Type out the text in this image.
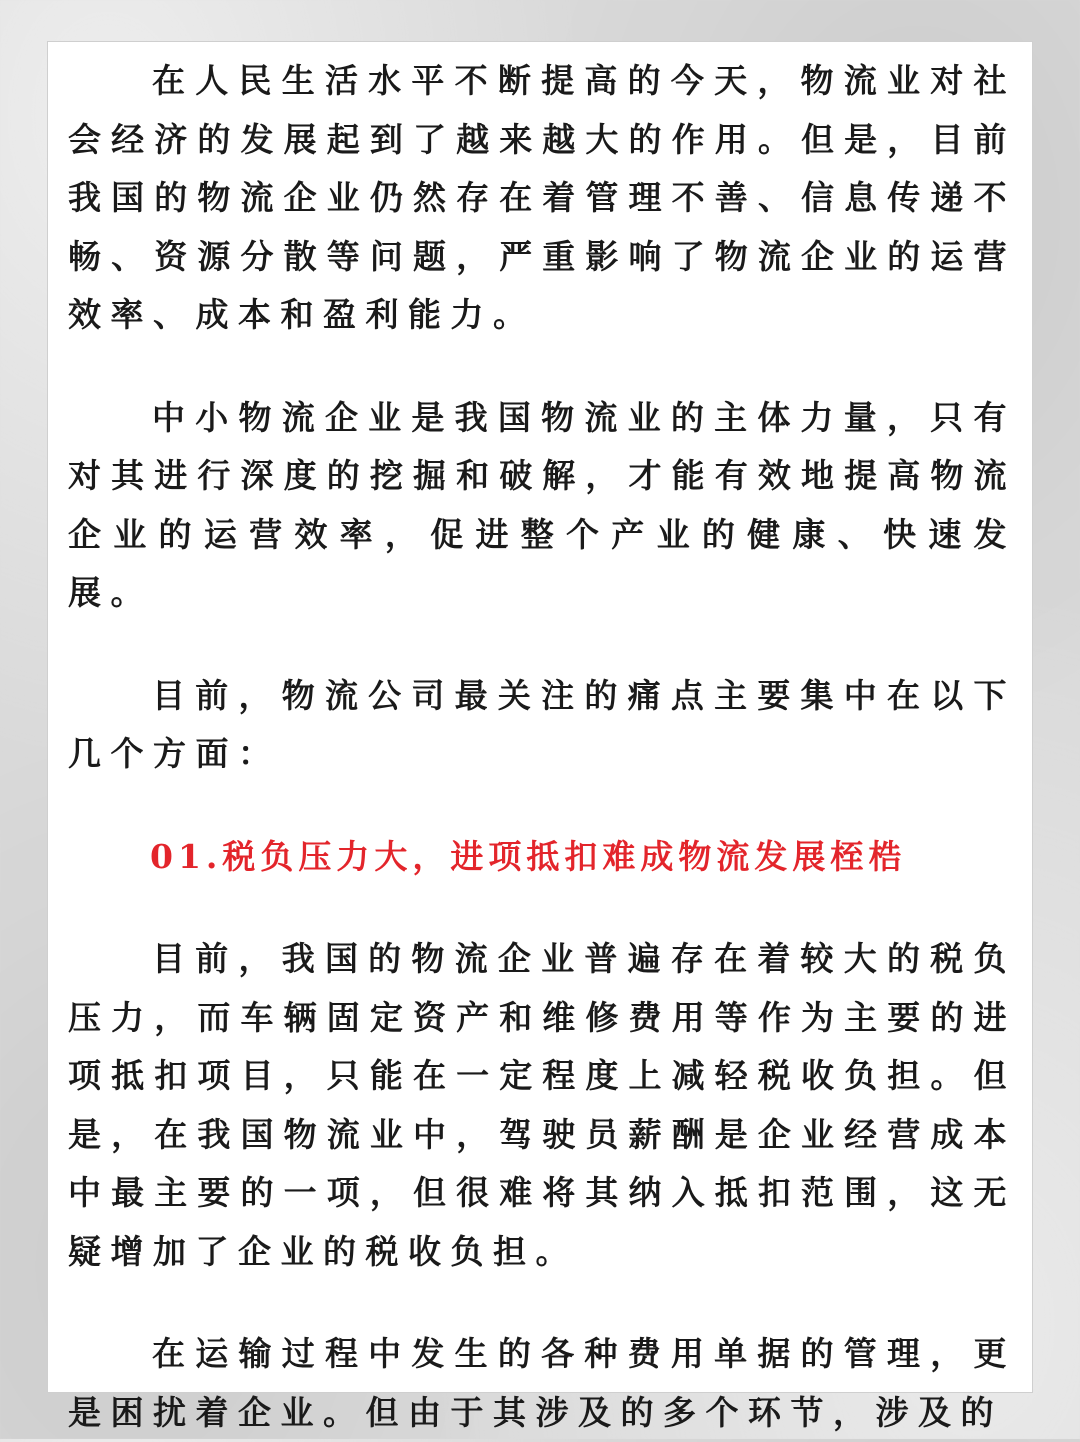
在人民生活水平不断提高的今天，物流业对社会经济的发展起到了越来越大的作用。但是，目前我国的物流企业仍然存在着管理不善、信息传递不畅、资源分散等问题，严重影响了物流企业的运营效率、成本和盈利能力。

中小物流企业是我国物流业的主体力量，只有对其进行深度的挖掘和破解，才能有效地提高物流企业的运营效率，促进整个产业的健康、快速发展。

目前，物流公司最关注的痛点主要集中在以下几个方面：

01.税负压力大，进项抵扣难成物流发展桎梏

目前，我国的物流企业普遍存在着较大的税负压力，而车辆固定资产和维修费用等作为主要的进项抵扣项目，只能在一定程度上减轻税收负担。但是，在我国物流业中，驾驶员薪酬是企业经营成本中最主要的一项，但很难将其纳入抵扣范围，这无疑增加了企业的税收负担。

在运输过程中发生的各种费用单据的管理，更是困扰着企业。但由于其涉及的多个环节，涉及的
